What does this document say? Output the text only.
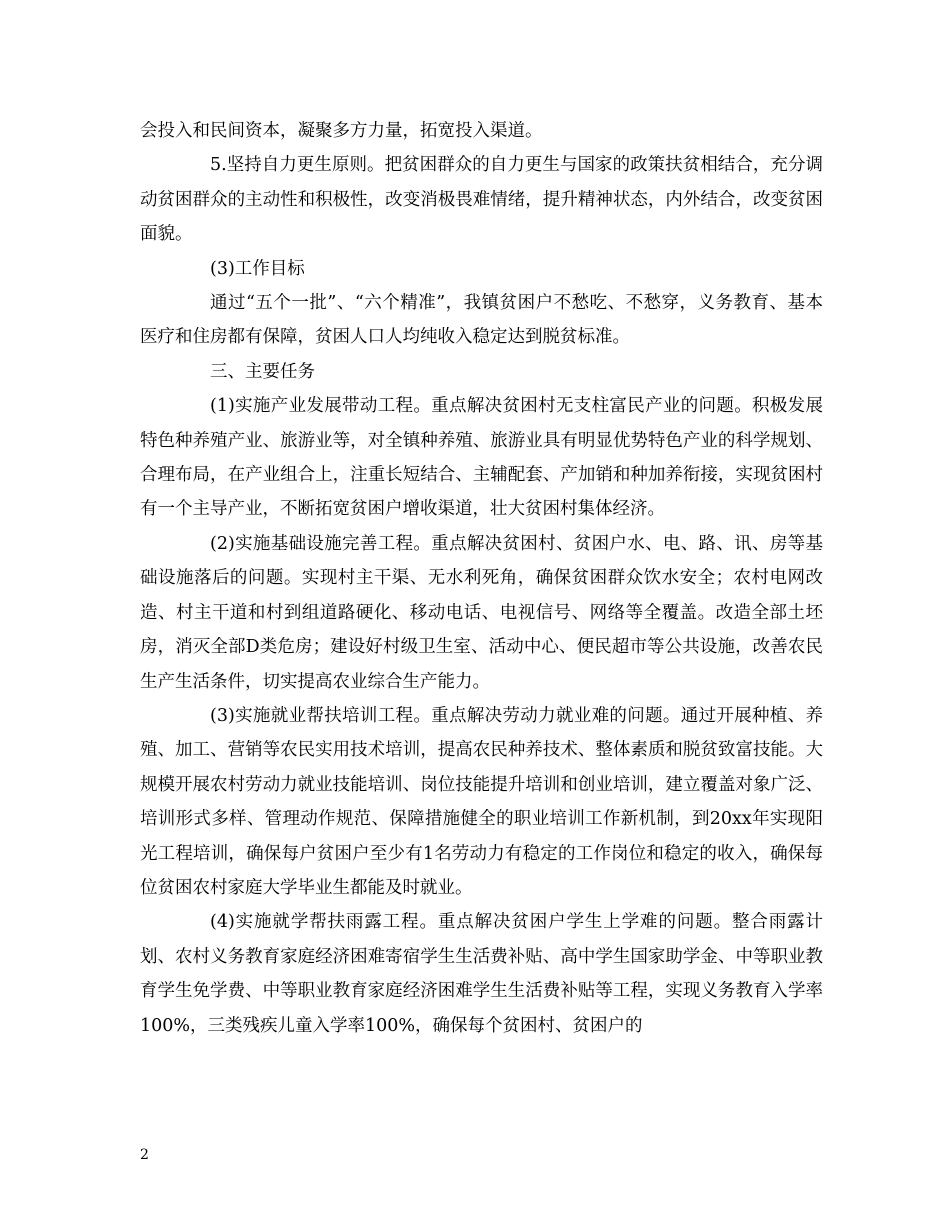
会投入和民间资本，凝聚多方力量，拓宽投入渠道。

5.坚持自力更生原则。把贫困群众的自力更生与国家的政策扶贫相结合，充分调动贫困群众的主动性和积极性，改变消极畏难情绪，提升精神状态，内外结合，改变贫困面貌。

(3)工作目标

通过“五个一批”、“六个精准”，我镇贫困户不愁吃、不愁穿，义务教育、基本医疗和住房都有保障，贫困人口人均纯收入稳定达到脱贫标准。

三、主要任务

(1)实施产业发展带动工程。重点解决贫困村无支柱富民产业的问题。积极发展特色种养殖产业、旅游业等，对全镇种养殖、旅游业具有明显优势特色产业的科学规划、合理布局，在产业组合上，注重长短结合、主辅配套、产加销和种加养衔接，实现贫困村有一个主导产业，不断拓宽贫困户增收渠道，壮大贫困村集体经济。

(2)实施基础设施完善工程。重点解决贫困村、贫困户水、电、路、讯、房等基础设施落后的问题。实现村主干渠、无水利死角，确保贫困群众饮水安全；农村电网改造、村主干道和村到组道路硬化、移动电话、电视信号、网络等全覆盖。改造全部土坯房，消灭全部D类危房；建设好村级卫生室、活动中心、便民超市等公共设施，改善农民生产生活条件，切实提高农业综合生产能力。

(3)实施就业帮扶培训工程。重点解决劳动力就业难的问题。通过开展种植、养殖、加工、营销等农民实用技术培训，提高农民种养技术、整体素质和脱贫致富技能。大规模开展农村劳动力就业技能培训、岗位技能提升培训和创业培训，建立覆盖对象广泛、培训形式多样、管理动作规范、保障措施健全的职业培训工作新机制，到20xx年实现阳光工程培训，确保每户贫困户至少有1名劳动力有稳定的工作岗位和稳定的收入，确保每位贫困农村家庭大学毕业生都能及时就业。

(4)实施就学帮扶雨露工程。重点解决贫困户学生上学难的问题。整合雨露计划、农村义务教育家庭经济困难寄宿学生生活费补贴、高中学生国家助学金、中等职业教育学生免学费、中等职业教育家庭经济困难学生生活费补贴等工程，实现义务教育入学率100%，三类残疾儿童入学率100%，确保每个贫困村、贫困户的

2
